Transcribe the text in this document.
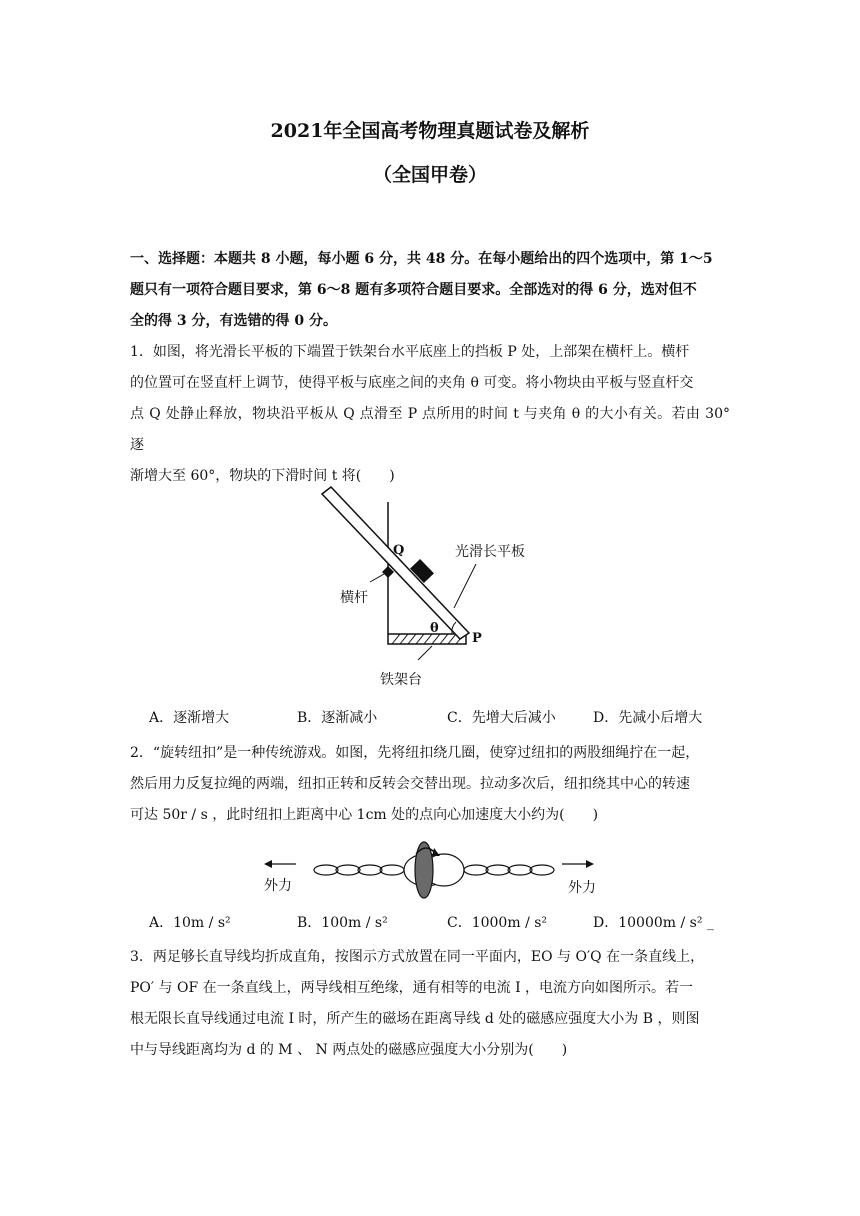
2021年全国高考物理真题试卷及解析
（全国甲卷）
一、选择题：本题共 8 小题，每小题 6 分，共 48 分。在每小题给出的四个选项中，第 1～5
题只有一项符合题目要求，第 6～8 题有多项符合题目要求。全部选对的得 6 分，选对但不
全的得 3 分，有选错的得 0 分。
1．如图，将光滑长平板的下端置于铁架台水平底座上的挡板 P 处，上部架在横杆上。横杆
的位置可在竖直杆上调节，使得平板与底座之间的夹角 θ 可变。将小物块由平板与竖直杆交
点 Q 处静止释放，物块沿平板从 Q 点滑至 P 点所用的时间 t 与夹角 θ 的大小有关。若由 30° 逐
渐增大至 60°，物块的下滑时间 t 将(　　)
Q
P
θ
光滑长平板
横杆
铁架台
A．逐渐增大	B．逐渐减小	C．先增大后减小	D．先减小后增大
2．“旋转纽扣”是一种传统游戏。如图，先将纽扣绕几圈，使穿过纽扣的两股细绳拧在一起，
然后用力反复拉绳的两端，纽扣正转和反转会交替出现。拉动多次后，纽扣绕其中心的转速
可达 50r / s ，此时纽扣上距离中心 1cm 处的点向心加速度大小约为(　　)
外力	外力
A．10m / s²	B．100m / s²	C．1000m / s²	D．10000m / s² _
3．两足够长直导线均折成直角，按图示方式放置在同一平面内，EO 与 O′Q 在一条直线上，
PO′ 与 OF 在一条直线上，两导线相互绝缘，通有相等的电流 I ，电流方向如图所示。若一
根无限长直导线通过电流 I 时，所产生的磁场在距离导线 d 处的磁感应强度大小为 B ，则图
中与导线距离均为 d 的 M 、 N 两点处的磁感应强度大小分别为(　　)
